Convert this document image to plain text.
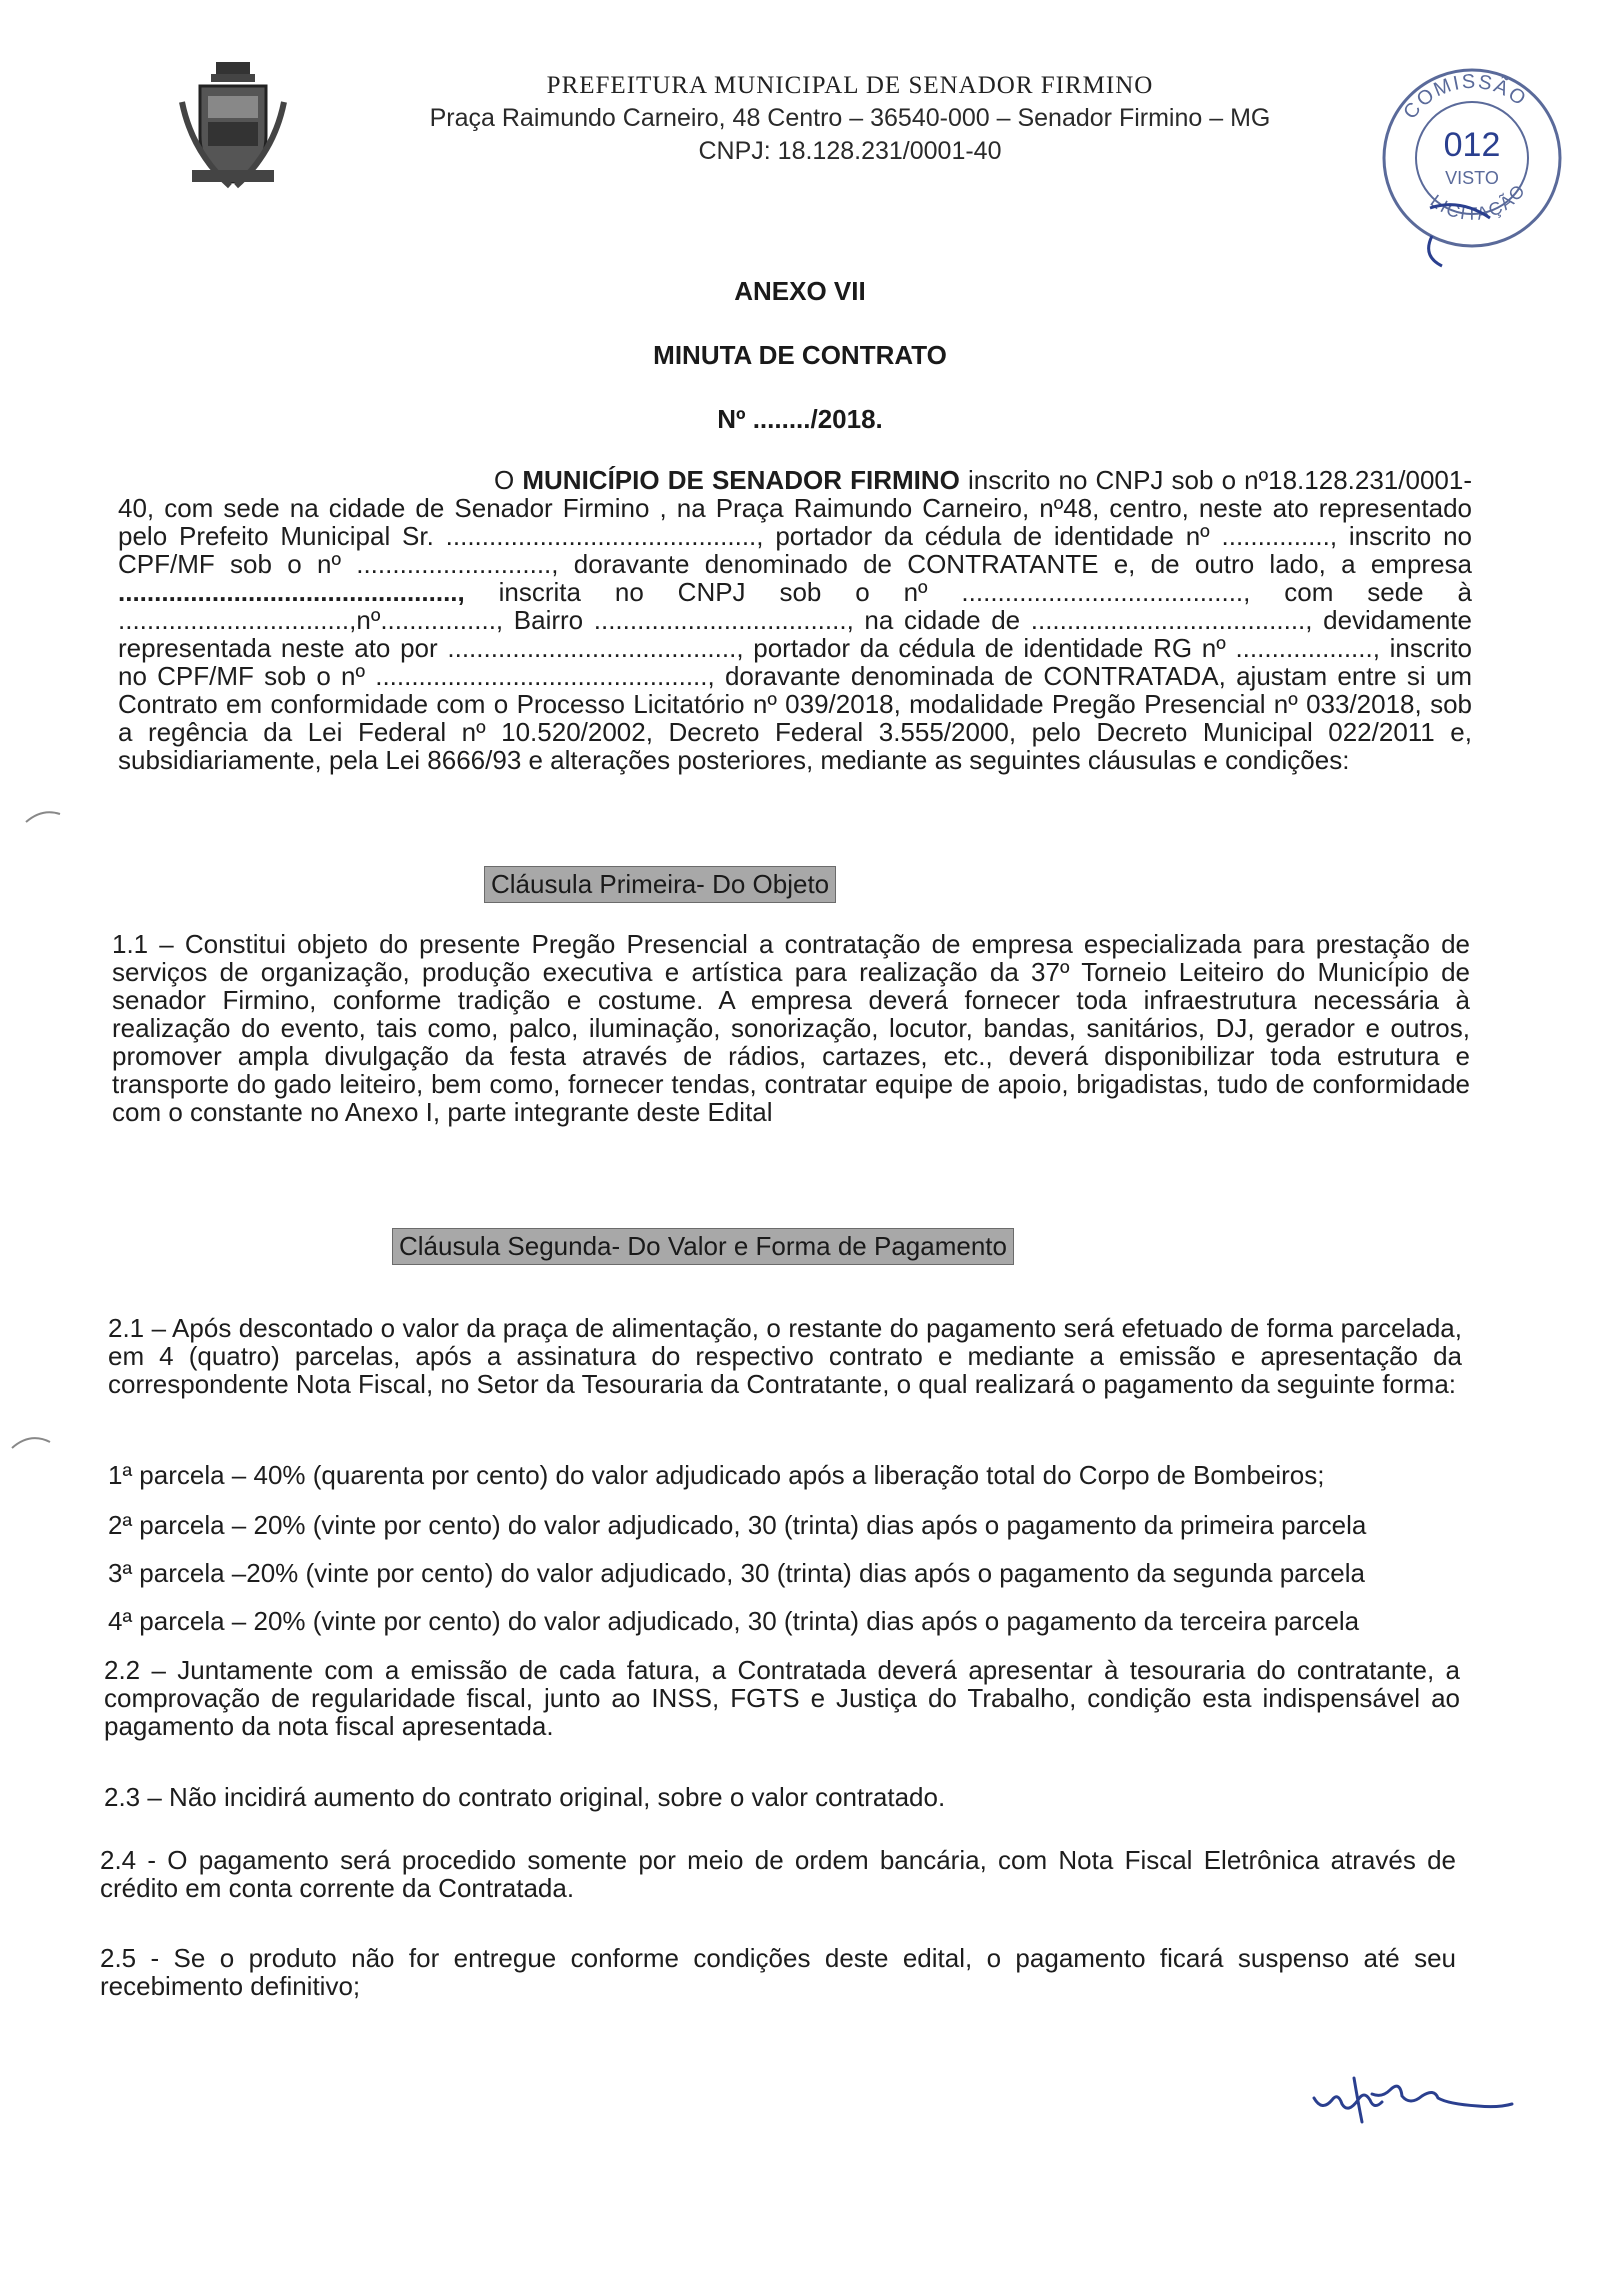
PREFEITURA MUNICIPAL DE SENADOR FIRMINO
Praça Raimundo Carneiro, 48 Centro – 36540-000 – Senador Firmino – MG
CNPJ: 18.128.231/0001-40
COMISSÃO
012
VISTO
LICITAÇÃO
ANEXO VII
MINUTA DE CONTRATO
Nº ......../2018.
O MUNICÍPIO DE SENADOR FIRMINO inscrito no CNPJ sob o nº18.128.231/0001-40, com sede na cidade de Senador Firmino , na Praça Raimundo Carneiro, nº48, centro, neste ato representado pelo Prefeito Municipal Sr. ..........................................., portador da cédula de identidade nº ..............., inscrito no CPF/MF sob o nº ..........................., doravante denominado de CONTRATANTE e, de outro lado, a empresa ..............................................., inscrita no CNPJ sob o nº ......................................., com sede à ................................,nº................, Bairro ..................................., na cidade de ......................................, devidamente representada neste ato por ........................................, portador da cédula de identidade RG nº ..................., inscrito no CPF/MF sob o nº .............................................., doravante denominada de CONTRATADA, ajustam entre si um Contrato em conformidade com o Processo Licitatório nº 039/2018, modalidade Pregão Presencial nº 033/2018, sob a regência da Lei Federal nº 10.520/2002, Decreto Federal 3.555/2000, pelo Decreto Municipal 022/2011 e, subsidiariamente, pela Lei 8666/93 e alterações posteriores, mediante as seguintes cláusulas e condições:
Cláusula Primeira- Do Objeto
1.1 – Constitui objeto do presente Pregão Presencial a contratação de empresa especializada para prestação de serviços de organização, produção executiva e artística para realização da 37º Torneio Leiteiro do Município de senador Firmino, conforme tradição e costume. A empresa deverá fornecer toda infraestrutura necessária à realização do evento, tais como, palco, iluminação, sonorização, locutor, bandas, sanitários, DJ, gerador e outros, promover ampla divulgação da festa através de rádios, cartazes, etc., deverá disponibilizar toda estrutura e transporte do gado leiteiro, bem como, fornecer tendas, contratar equipe de apoio, brigadistas, tudo de conformidade com o constante no Anexo I, parte integrante deste Edital
Cláusula Segunda- Do Valor e Forma de Pagamento
2.1 – Após descontado o valor da praça de alimentação, o restante do pagamento será efetuado de forma parcelada, em 4 (quatro) parcelas, após a assinatura do respectivo contrato e mediante a emissão e apresentação da correspondente Nota Fiscal, no Setor da Tesouraria da Contratante, o qual realizará o pagamento da seguinte forma:
1ª parcela – 40% (quarenta por cento) do valor adjudicado após a liberação total do Corpo de Bombeiros;
2ª parcela – 20% (vinte por cento) do valor adjudicado, 30 (trinta) dias após o pagamento da primeira parcela
3ª parcela –20% (vinte por cento) do valor adjudicado, 30 (trinta) dias após o pagamento da segunda parcela
4ª parcela – 20% (vinte por cento) do valor adjudicado, 30 (trinta) dias após o pagamento da terceira parcela
2.2 – Juntamente com a emissão de cada fatura, a Contratada deverá apresentar à tesouraria do contratante, a comprovação de regularidade fiscal, junto ao INSS, FGTS e Justiça do Trabalho, condição esta indispensável ao pagamento da nota fiscal apresentada.
2.3 – Não incidirá aumento do contrato original, sobre o valor contratado.
2.4 - O pagamento será procedido somente por meio de ordem bancária, com Nota Fiscal Eletrônica através de crédito em conta corrente da Contratada.
2.5 - Se o produto não for entregue conforme condições deste edital, o pagamento ficará suspenso até seu recebimento definitivo;
